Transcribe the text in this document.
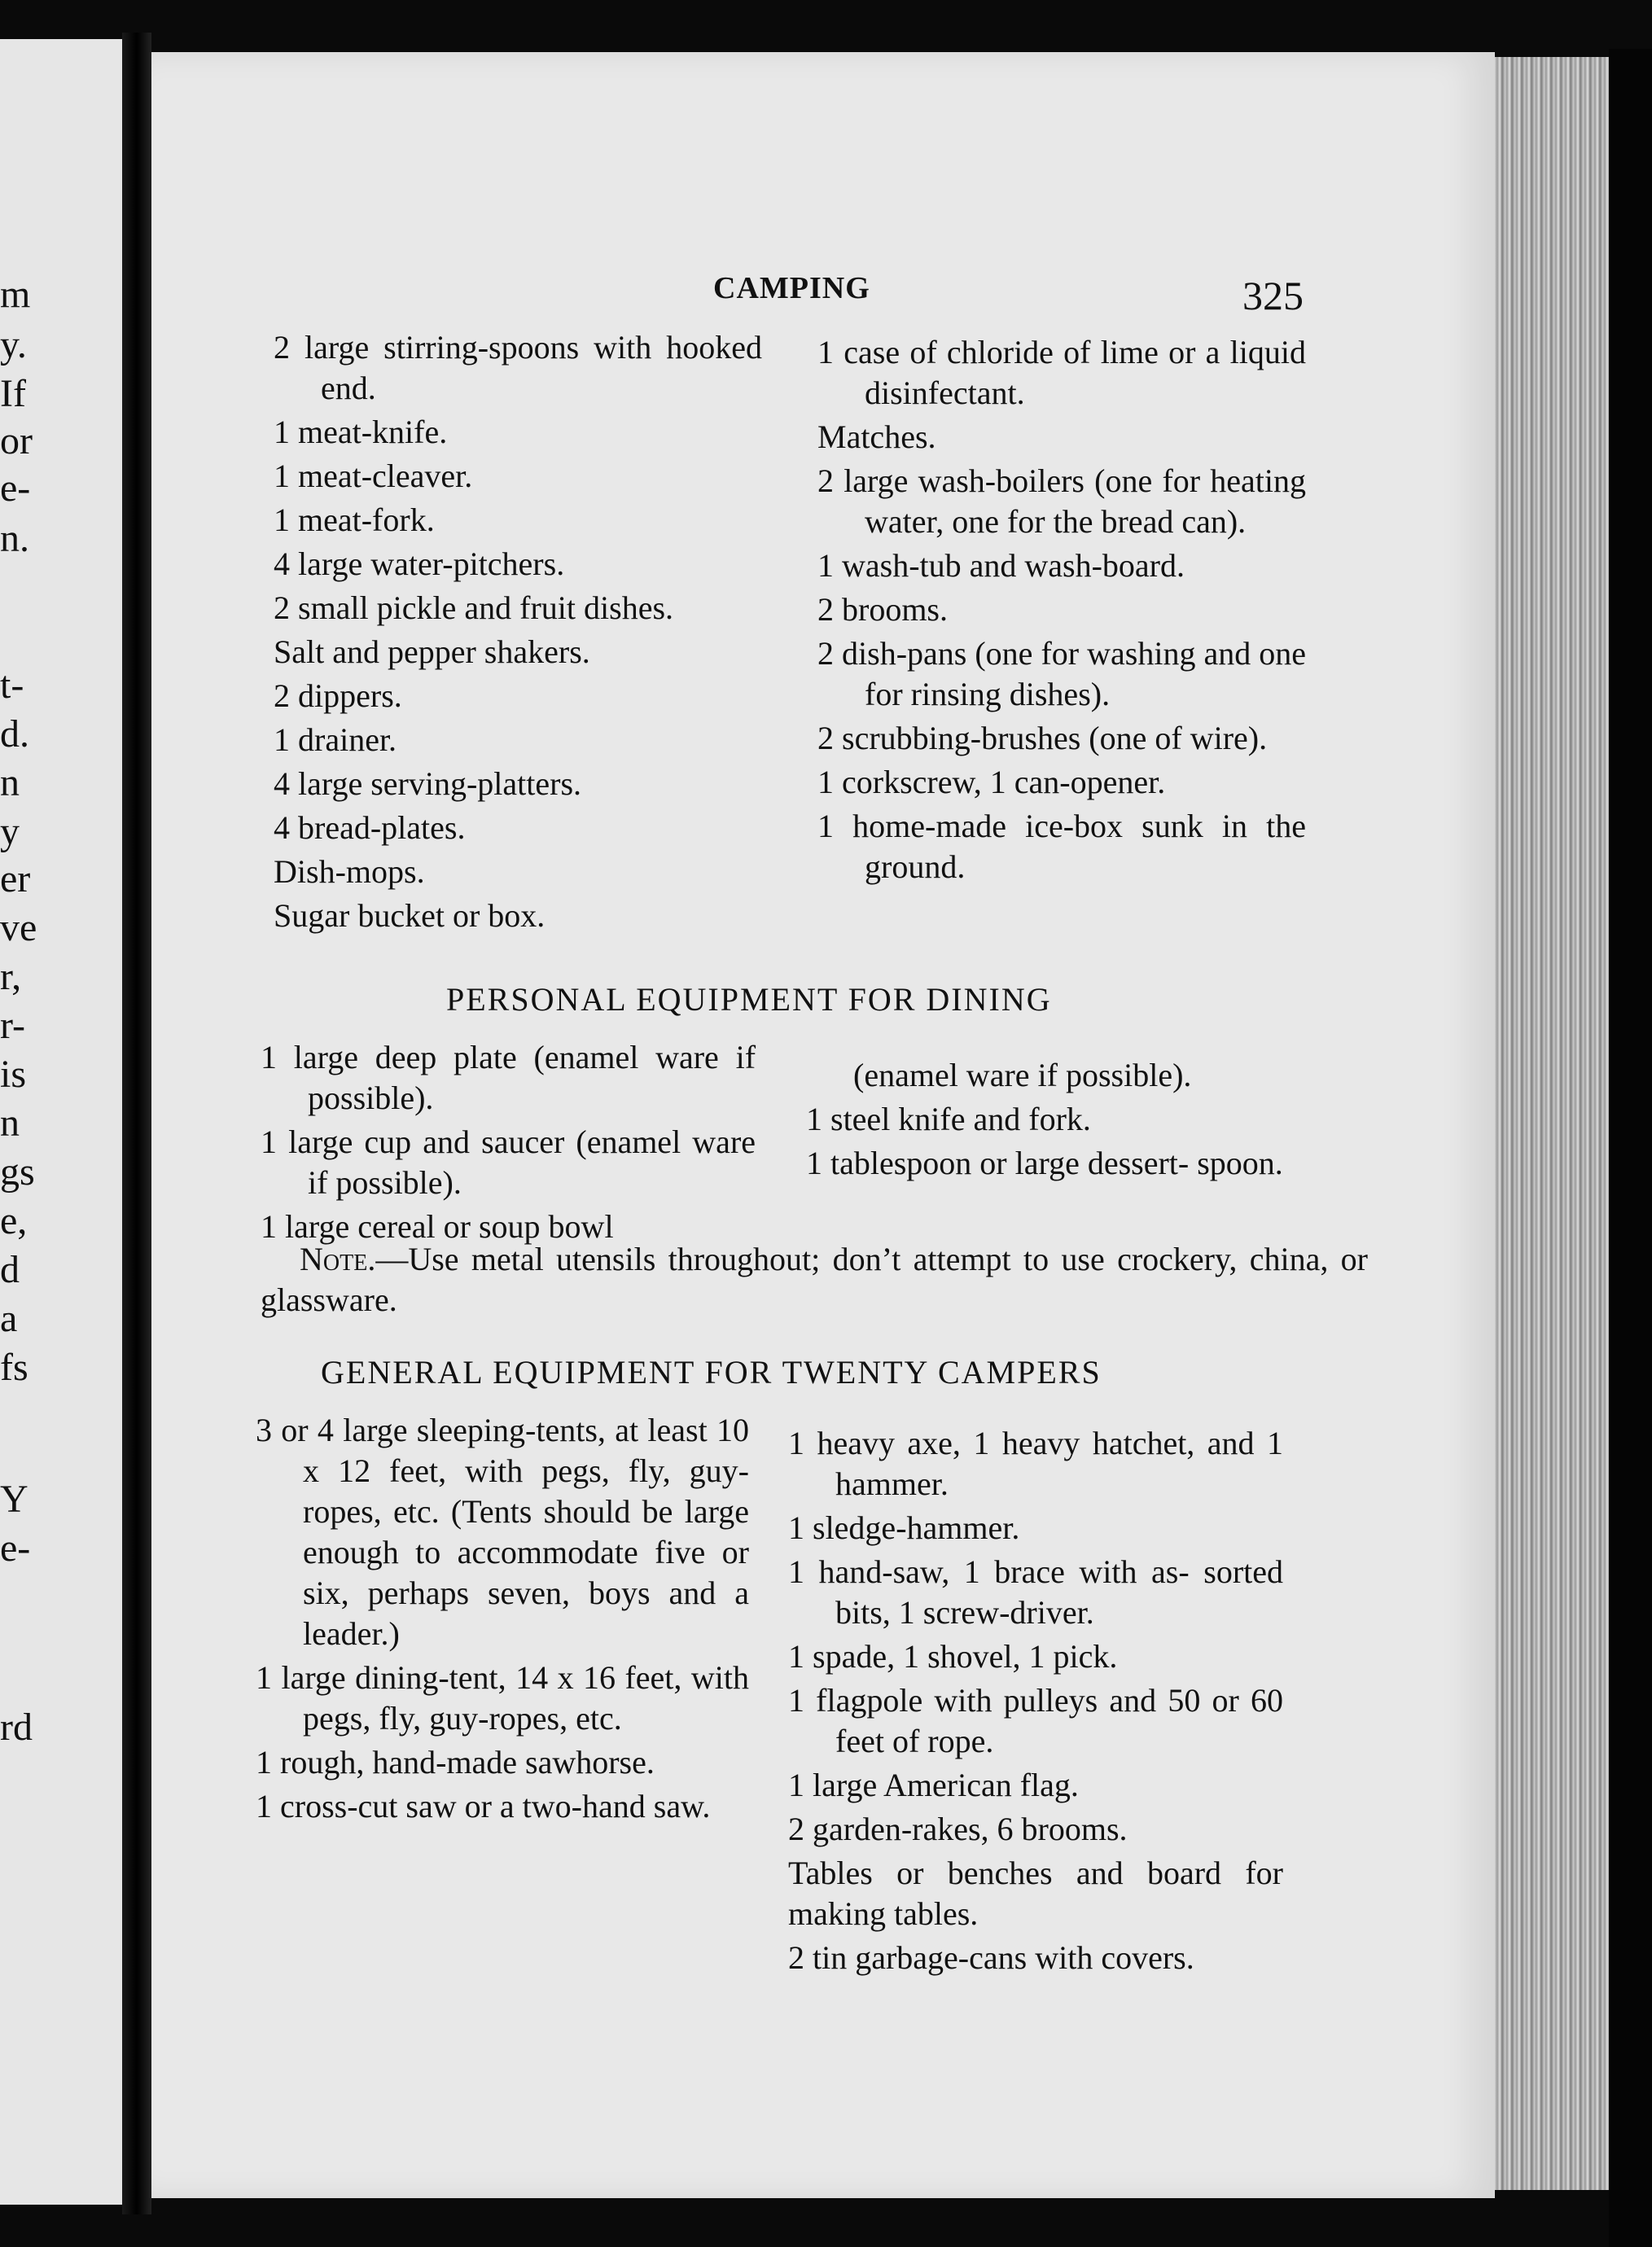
m
y.
If
or
e-
n.
t-
d.
n
y
er
ve
r,
r-
is
n
gs
e,
d
a
fs
Y
e-
rd
CAMPING	325
2 large stirring-spoons with hooked end.
1 meat-knife.
1 meat-cleaver.
1 meat-fork.
4 large water-pitchers.
2 small pickle and fruit dishes.
Salt and pepper shakers.
2 dippers.
1 drainer.
4 large serving-platters.
4 bread-plates.
Dish-mops.
Sugar bucket or box.
1 case of chloride of lime or a liquid disinfectant.
Matches.
2 large wash-boilers (one for heating water, one for the bread can).
1 wash-tub and wash-board.
2 brooms.
2 dish-pans (one for washing and one for rinsing dishes).
2 scrubbing-brushes (one of wire).
1 corkscrew, 1 can-opener.
1 home-made ice-box sunk in the ground.
PERSONAL EQUIPMENT FOR DINING
1 large deep plate (enamel ware if possible).
1 large cup and saucer (enamel ware if possible).
1 large cereal or soup bowl
(enamel ware if possible).
1 steel knife and fork.
1 tablespoon or large dessert- spoon.
Note.—Use metal utensils throughout; don’t attempt to use crockery, china, or glassware.
GENERAL EQUIPMENT FOR TWENTY CAMPERS
3 or 4 large sleeping-tents, at least 10 x 12 feet, with pegs, fly, guy-ropes, etc. (Tents should be large enough to accommodate five or six, perhaps seven, boys and a leader.)
1 large dining-tent, 14 x 16 feet, with pegs, fly, guy-ropes, etc.
1 rough, hand-made sawhorse.
1 cross-cut saw or a two-hand saw.
1 heavy axe, 1 heavy hatchet, and 1 hammer.
1 sledge-hammer.
1 hand-saw, 1 brace with as- sorted bits, 1 screw-driver.
1 spade, 1 shovel, 1 pick.
1 flagpole with pulleys and 50 or 60 feet of rope.
1 large American flag.
2 garden-rakes, 6 brooms.
Tables or benches and board for making tables.
2 tin garbage-cans with covers.
